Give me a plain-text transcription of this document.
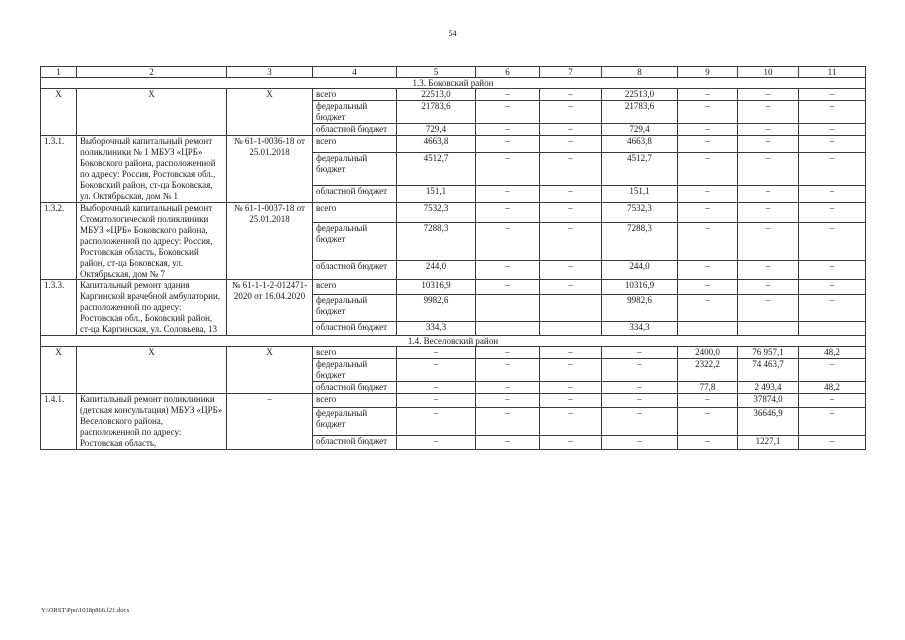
54
1	2	3	4	5	6	7	8	9	10	11
1.3. Боковский район										
Х	Х	Х	всего	22513,0	–	–	22513,0	–	–	–
			федеральный бюджет	21783,6	–	–	21783,6	–	–	–
			областной бюджет	729,4	–	–	729,4	–	–	–
1.3.1.	Выборочный капитальный ремонт поликлиники № 1 МБУЗ «ЦРБ» Боковского района, расположенной по адресу: Россия, Ростовская обл., Боковский район, ст-ца Боковская, ул. Октябрьская, дом № 1	№ 61-1-0036-18 от 25.01.2018	всего	4663,8	–	–	4663,8	–	–	–
			федеральный бюджет	4512,7	–	–	4512,7	–	–	–
			областной бюджет	151,1	–	–	151,1	–	–	–
1.3.2.	Выборочный капитальный ремонт Стоматологической поликлиники МБУЗ «ЦРБ» Боковского района, расположенной по адресу: Россия, Ростовская область, Боковский район, ст-ца Боковская, ул. Октябрьская, дом № 7	№ 61-1-0037-18 от 25.01.2018	всего	7532,3	–	–	7532,3	–	–	–
			федеральный бюджет	7288,3	–	–	7288,3	–	–	–
			областной бюджет	244,0	–	–	244,0	–	–	–
1.3.3.	Капитальный ремонт здания Каргинской врачебной амбулатории, расположенной по адресу: Ростовская обл., Боковский район, ст-ца Каргинская, ул. Соловьева, 13	№ 61-1-1-2-012471-2020 от 16.04.2020	всего	10316,9	–	–	10316,9	–	–	–
			федеральный бюджет	9982,6			9982,6	–	–	–
			областной бюджет	334,3			334,3			
1.4. Веселовский район										
Х	Х	Х	всего	–	–	–	–	2400,0	76 957,1	48,2
			федеральный бюджет	–	–	–	–	2322,2	74 463,7	–
			областной бюджет	–	–	–	–	77,8	2 493,4	48,2
1.4.1.	Капитальный ремонт поликлиники (детская консультация) МБУЗ «ЦРБ» Веселовского района, расположенной по адресу: Ростовская область,	–	всего	–	–	–	–	–	37874,0	–
			федеральный бюджет	–	–	–	–	–	36646,9	–
			областной бюджет	–	–	–	–	–	1227,1	–
Y:\ORST\Ppo\1018p866.f21.docx
